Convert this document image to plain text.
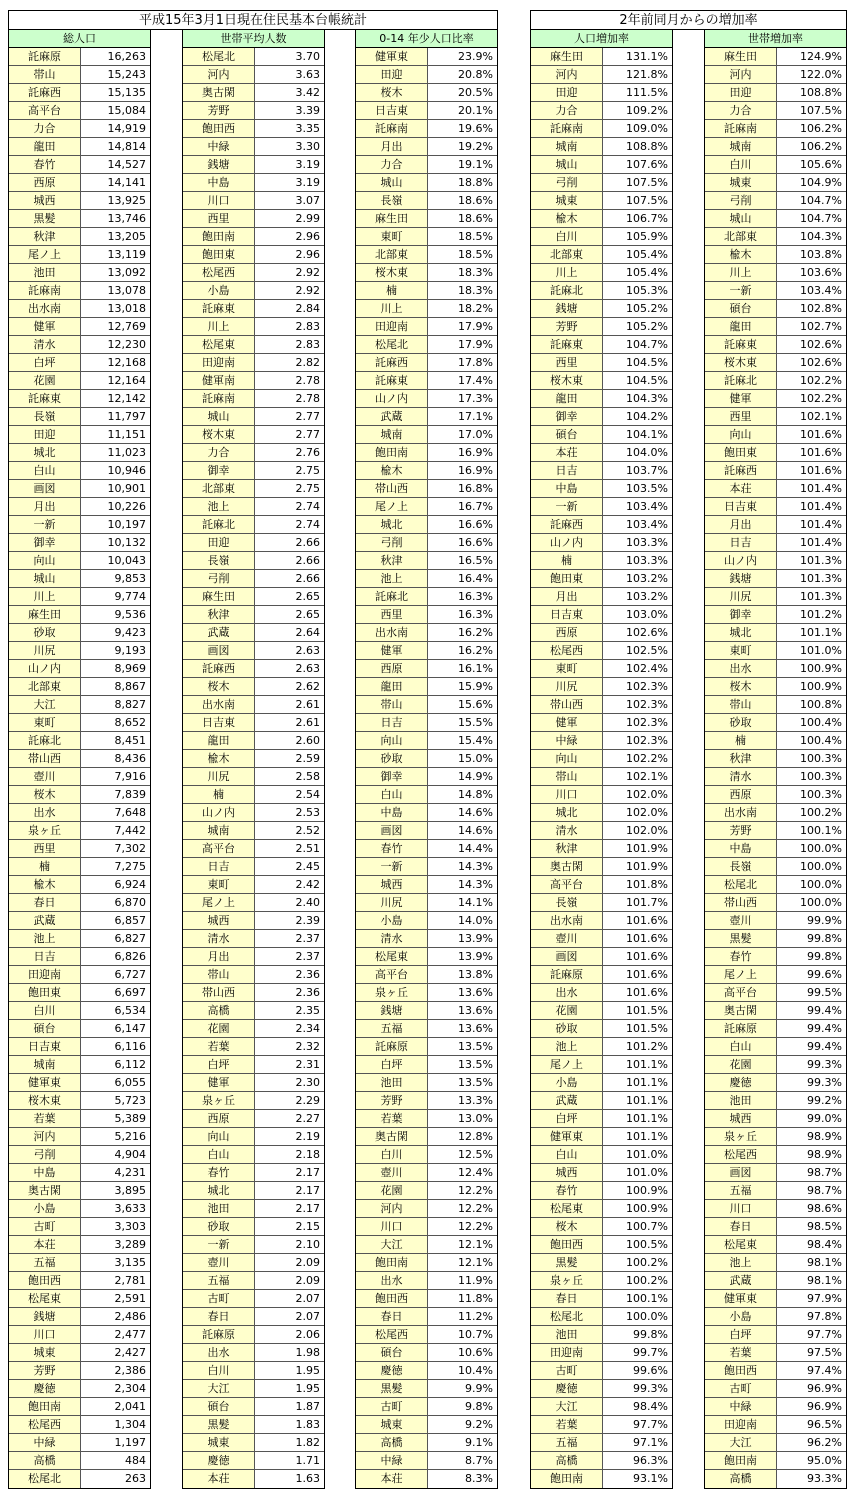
平成15年3月1日現在住民基本台帳統計	2年前同月からの増加率
総人口
託麻原	16,263
帯山	15,243
託麻西	15,135
高平台	15,084
力合	14,919
龍田	14,814
春竹	14,527
西原	14,141
城西	13,925
黒髪	13,746
秋津	13,205
尾ノ上	13,119
池田	13,092
託麻南	13,078
出水南	13,018
健軍	12,769
清水	12,230
白坪	12,168
花園	12,164
託麻東	12,142
長嶺	11,797
田迎	11,151
城北	11,023
白山	10,946
画図	10,901
月出	10,226
一新	10,197
御幸	10,132
向山	10,043
城山	9,853
川上	9,774
麻生田	9,536
砂取	9,423
川尻	9,193
山ノ内	8,969
北部東	8,867
大江	8,827
東町	8,652
託麻北	8,451
帯山西	8,436
壺川	7,916
桜木	7,839
出水	7,648
泉ヶ丘	7,442
西里	7,302
楠	7,275
楡木	6,924
春日	6,870
武蔵	6,857
池上	6,827
日吉	6,826
田迎南	6,727
飽田東	6,697
白川	6,534
碩台	6,147
日吉東	6,116
城南	6,112
健軍東	6,055
桜木東	5,723
若葉	5,389
河内	5,216
弓削	4,904
中島	4,231
奥古閑	3,895
小島	3,633
古町	3,303
本荘	3,289
五福	3,135
飽田西	2,781
松尾東	2,591
銭塘	2,486
川口	2,477
城東	2,427
芳野	2,386
慶徳	2,304
飽田南	2,041
松尾西	1,304
中緑	1,197
高橋	484
松尾北	263
世帯平均人数
松尾北	3.70
河内	3.63
奥古閑	3.42
芳野	3.39
飽田西	3.35
中緑	3.30
銭塘	3.19
中島	3.19
川口	3.07
西里	2.99
飽田南	2.96
飽田東	2.96
松尾西	2.92
小島	2.92
託麻東	2.84
川上	2.83
松尾東	2.83
田迎南	2.82
健軍南	2.78
託麻南	2.78
城山	2.77
桜木東	2.77
力合	2.76
御幸	2.75
北部東	2.75
池上	2.74
託麻北	2.74
田迎	2.66
長嶺	2.66
弓削	2.66
麻生田	2.65
秋津	2.65
武蔵	2.64
画図	2.63
託麻西	2.63
桜木	2.62
出水南	2.61
日吉東	2.61
龍田	2.60
楡木	2.59
川尻	2.58
楠	2.54
山ノ内	2.53
城南	2.52
高平台	2.51
日吉	2.45
東町	2.42
尾ノ上	2.40
城西	2.39
清水	2.37
月出	2.37
帯山	2.36
帯山西	2.36
高橋	2.35
花園	2.34
若葉	2.32
白坪	2.31
健軍	2.30
泉ヶ丘	2.29
西原	2.27
向山	2.19
白山	2.18
春竹	2.17
城北	2.17
池田	2.17
砂取	2.15
一新	2.10
壺川	2.09
五福	2.09
古町	2.07
春日	2.07
託麻原	2.06
出水	1.98
白川	1.95
大江	1.95
碩台	1.87
黒髪	1.83
城東	1.82
慶徳	1.71
本荘	1.63
0-14 年少人口比率
健軍東	23.9%
田迎	20.8%
桜木	20.5%
日吉東	20.1%
託麻南	19.6%
月出	19.2%
力合	19.1%
城山	18.8%
長嶺	18.6%
麻生田	18.6%
東町	18.5%
北部東	18.5%
桜木東	18.3%
楠	18.3%
川上	18.2%
田迎南	17.9%
松尾北	17.9%
託麻西	17.8%
託麻東	17.4%
山ノ内	17.3%
武蔵	17.1%
城南	17.0%
飽田南	16.9%
楡木	16.9%
帯山西	16.8%
尾ノ上	16.7%
城北	16.6%
弓削	16.6%
秋津	16.5%
池上	16.4%
託麻北	16.3%
西里	16.3%
出水南	16.2%
健軍	16.2%
西原	16.1%
龍田	15.9%
帯山	15.6%
日吉	15.5%
向山	15.4%
砂取	15.0%
御幸	14.9%
白山	14.8%
中島	14.6%
画図	14.6%
春竹	14.4%
一新	14.3%
城西	14.3%
川尻	14.1%
小島	14.0%
清水	13.9%
松尾東	13.9%
高平台	13.8%
泉ヶ丘	13.6%
銭塘	13.6%
五福	13.6%
託麻原	13.5%
白坪	13.5%
池田	13.5%
芳野	13.3%
若葉	13.0%
奥古閑	12.8%
白川	12.5%
壺川	12.4%
花園	12.2%
河内	12.2%
川口	12.2%
大江	12.1%
飽田南	12.1%
出水	11.9%
飽田西	11.8%
春日	11.2%
松尾西	10.7%
碩台	10.6%
慶徳	10.4%
黒髪	9.9%
古町	9.8%
城東	9.2%
高橋	9.1%
中緑	8.7%
本荘	8.3%
人口増加率
麻生田	131.1%
河内	121.8%
田迎	111.5%
力合	109.2%
託麻南	109.0%
城南	108.8%
城山	107.6%
弓削	107.5%
城東	107.5%
楡木	106.7%
白川	105.9%
北部東	105.4%
川上	105.4%
託麻北	105.3%
銭塘	105.2%
芳野	105.2%
託麻東	104.7%
西里	104.5%
桜木東	104.5%
龍田	104.3%
御幸	104.2%
碩台	104.1%
本荘	104.0%
日吉	103.7%
中島	103.5%
一新	103.4%
託麻西	103.4%
山ノ内	103.3%
楠	103.3%
飽田東	103.2%
月出	103.2%
日吉東	103.0%
西原	102.6%
松尾西	102.5%
東町	102.4%
川尻	102.3%
帯山西	102.3%
健軍	102.3%
中緑	102.3%
向山	102.2%
帯山	102.1%
川口	102.0%
城北	102.0%
清水	102.0%
秋津	101.9%
奥古閑	101.9%
高平台	101.8%
長嶺	101.7%
出水南	101.6%
壺川	101.6%
画図	101.6%
託麻原	101.6%
出水	101.6%
花園	101.5%
砂取	101.5%
池上	101.2%
尾ノ上	101.1%
小島	101.1%
武蔵	101.1%
白坪	101.1%
健軍東	101.1%
白山	101.0%
城西	101.0%
春竹	100.9%
松尾東	100.9%
桜木	100.7%
飽田西	100.5%
黒髪	100.2%
泉ヶ丘	100.2%
春日	100.1%
松尾北	100.0%
池田	99.8%
田迎南	99.7%
古町	99.6%
慶徳	99.3%
大江	98.4%
若葉	97.7%
五福	97.1%
高橋	96.3%
飽田南	93.1%
世帯増加率
麻生田	124.9%
河内	122.0%
田迎	108.8%
力合	107.5%
託麻南	106.2%
城南	106.2%
白川	105.6%
城東	104.9%
弓削	104.7%
城山	104.7%
北部東	104.3%
楡木	103.8%
川上	103.6%
一新	103.4%
碩台	102.8%
龍田	102.7%
託麻東	102.6%
桜木東	102.6%
託麻北	102.2%
健軍	102.2%
西里	102.1%
向山	101.6%
飽田東	101.6%
託麻西	101.6%
本荘	101.4%
日吉東	101.4%
月出	101.4%
日吉	101.4%
山ノ内	101.3%
銭塘	101.3%
川尻	101.3%
御幸	101.2%
城北	101.1%
東町	101.0%
出水	100.9%
桜木	100.9%
帯山	100.8%
砂取	100.4%
楠	100.4%
秋津	100.3%
清水	100.3%
西原	100.3%
出水南	100.2%
芳野	100.1%
中島	100.0%
長嶺	100.0%
松尾北	100.0%
帯山西	100.0%
壺川	99.9%
黒髪	99.8%
春竹	99.8%
尾ノ上	99.6%
高平台	99.5%
奥古閑	99.4%
託麻原	99.4%
白山	99.4%
花園	99.3%
慶徳	99.3%
池田	99.2%
城西	99.0%
泉ヶ丘	98.9%
松尾西	98.9%
画図	98.7%
五福	98.7%
川口	98.6%
春日	98.5%
松尾東	98.4%
池上	98.1%
武蔵	98.1%
健軍東	97.9%
小島	97.8%
白坪	97.7%
若葉	97.5%
飽田西	97.4%
古町	96.9%
中緑	96.9%
田迎南	96.5%
大江	96.2%
飽田南	95.0%
高橋	93.3%
